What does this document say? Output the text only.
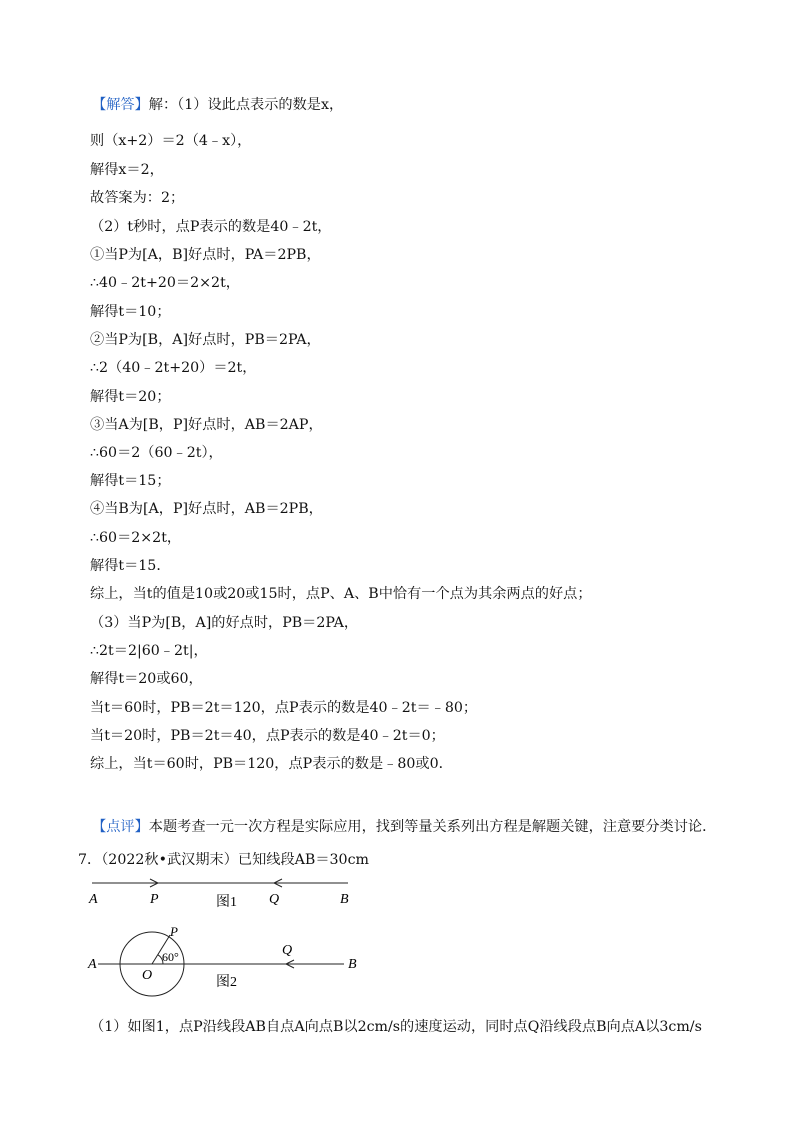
【解答】解：（1）设此点表示的数是x，
则（x+2）＝2（4﹣x），
解得x＝2，
故答案为：2；
（2）t秒时，点P表示的数是40﹣2t，
①当P为[A，B]好点时，PA＝2PB，
∴40﹣2t+20＝2×2t，
解得t＝10；
②当P为[B，A]好点时，PB＝2PA，
∴2（40﹣2t+20）＝2t，
解得t＝20；
③当A为[B，P]好点时，AB＝2AP，
∴60＝2（60﹣2t），
解得t＝15；
④当B为[A，P]好点时，AB＝2PB，
∴60＝2×2t，
解得t＝15．
综上，当t的值是10或20或15时，点P、A、B中恰有一个点为其余两点的好点；
（3）当P为[B，A]的好点时，PB＝2PA，
∴2t＝2|60﹣2t|，
解得t＝20或60，
当t＝60时，PB＝2t＝120，点P表示的数是40﹣2t＝﹣80；
当t＝20时，PB＝2t＝40，点P表示的数是40﹣2t＝0；
综上，当t＝60时，PB＝120，点P表示的数是﹣80或0．
【点评】本题考查一元一次方程是实际应用，找到等量关系列出方程是解题关键，注意要分类讨论．
7．（2022秋•武汉期末）已知线段AB＝30cm
A	P	图1 Q	B
A
O
P
60°	Q
B
图2
（1）如图1，点P沿线段AB自点A向点B以2cm/s的速度运动，同时点Q沿线段点B向点A以3cm/s
